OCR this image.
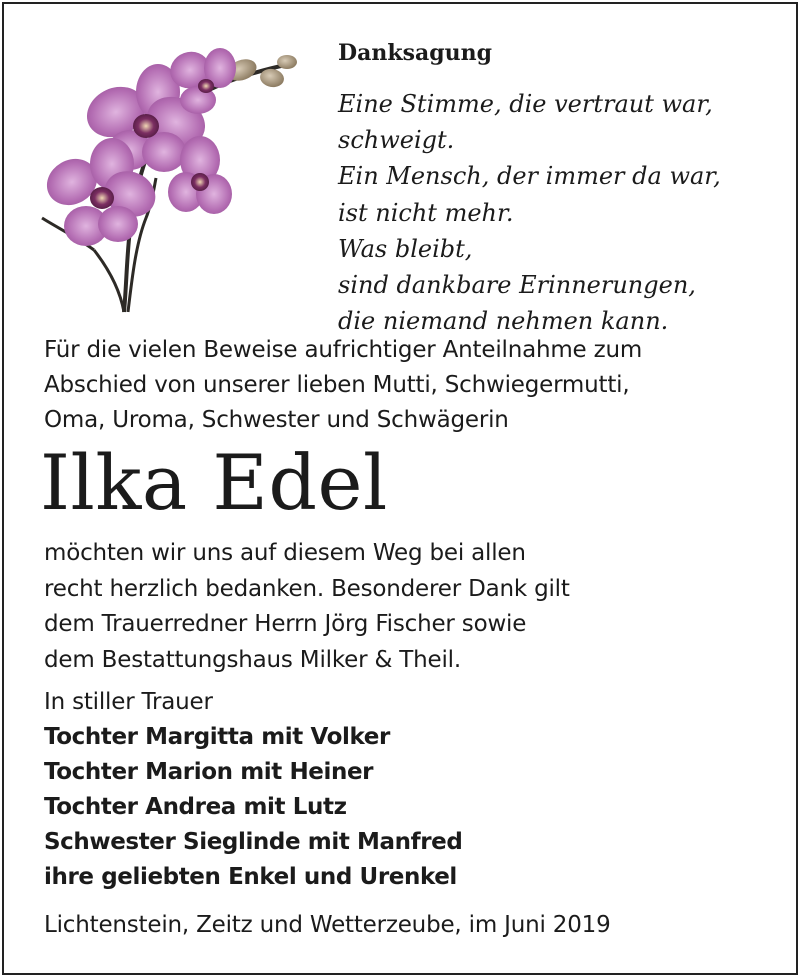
Danksagung
Eine Stimme, die vertraut war,
schweigt.
Ein Mensch, der immer da war,
ist nicht mehr.
Was bleibt,
sind dankbare Erinnerungen,
die niemand nehmen kann.
Für die vielen Beweise aufrichtiger Anteilnahme zum
Abschied von unserer lieben Mutti, Schwiegermutti,
Oma, Uroma, Schwester und Schwägerin
Ilka Edel
möchten wir uns auf diesem Weg bei allen
recht herzlich bedanken. Besonderer Dank gilt
dem Trauerredner Herrn Jörg Fischer sowie
dem Bestattungshaus Milker & Theil.
In stiller Trauer
Tochter Margitta mit Volker
Tochter Marion mit Heiner
Tochter Andrea mit Lutz
Schwester Sieglinde mit Manfred
ihre geliebten Enkel und Urenkel
Lichtenstein, Zeitz und Wetterzeube, im Juni 2019
